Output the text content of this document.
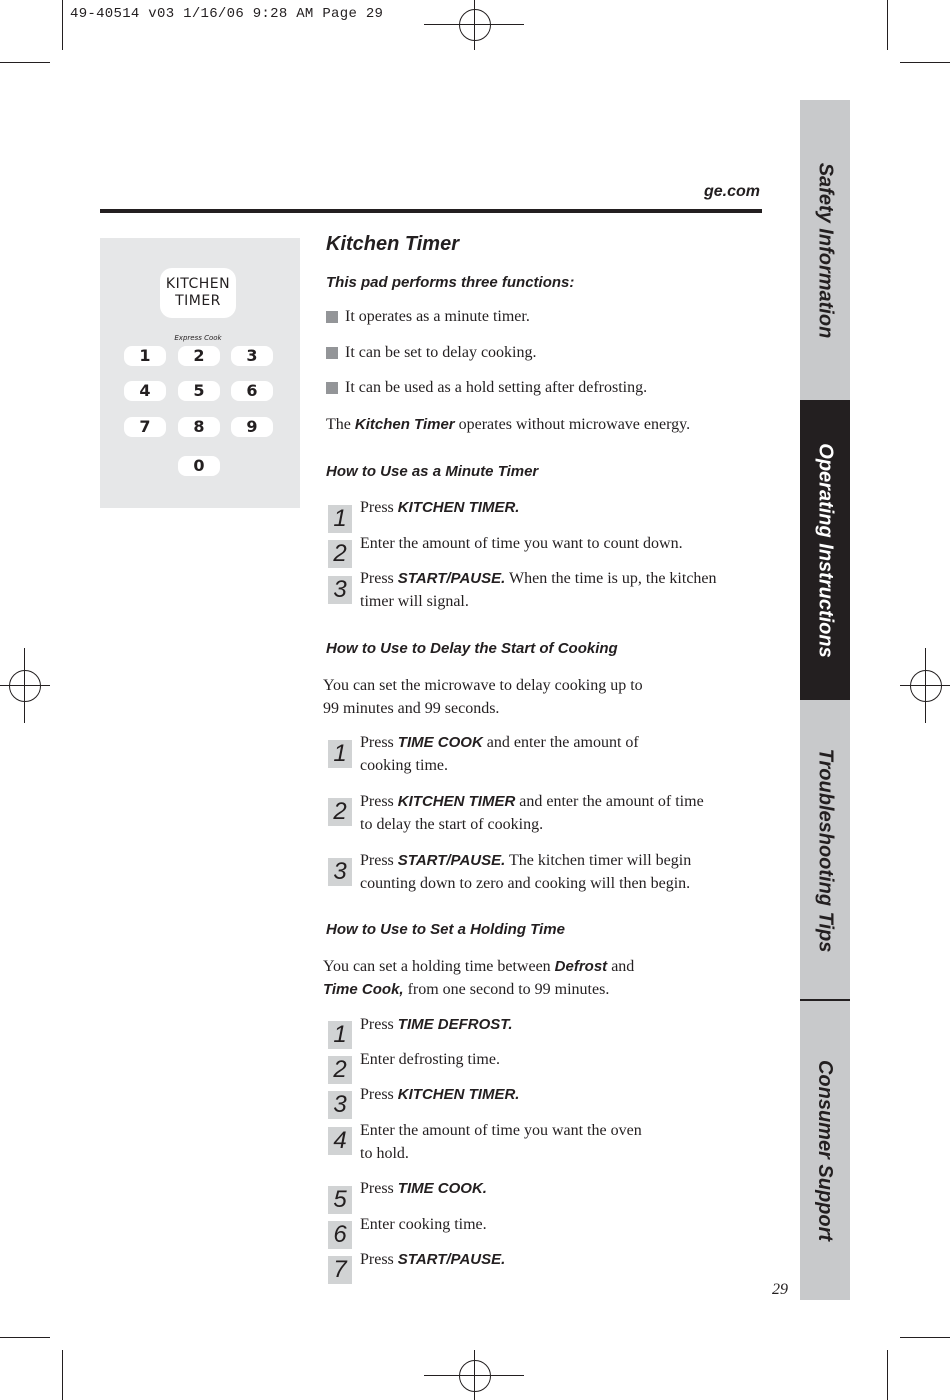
49-40514 v03 1/16/06 9:28 AM Page 29
ge.com
KITCHEN
TIMER
Express Cook
1	2	3
4	5	6
7	8	9
0
Kitchen Timer
This pad performs three functions:
It operates as a minute timer.
It can be set to delay cooking.
It can be used as a hold setting after defrosting.
The Kitchen Timer operates without microwave energy.
How to Use as a Minute Timer
1 Press KITCHEN TIMER.
2 Enter the amount of time you want to count down.
3 Press START/PAUSE. When the time is up, the kitchen
timer will signal.
How to Use to Delay the Start of Cooking
You can set the microwave to delay cooking up to
99 minutes and 99 seconds.
1 Press TIME COOK and enter the amount of
cooking time.
2 Press KITCHEN TIMER and enter the amount of time
to delay the start of cooking.
3 Press START/PAUSE. The kitchen timer will begin
counting down to zero and cooking will then begin.
How to Use to Set a Holding Time
You can set a holding time between Defrost and
Time Cook, from one second to 99 minutes.
1 Press TIME DEFROST.
2 Enter defrosting time.
3 Press KITCHEN TIMER.
4 Enter the amount of time you want the oven
to hold.
5 Press TIME COOK.
6 Enter cooking time.
7 Press START/PAUSE.
Safety Information
Operating Instructions
Troubleshooting Tips
Consumer Support
29
